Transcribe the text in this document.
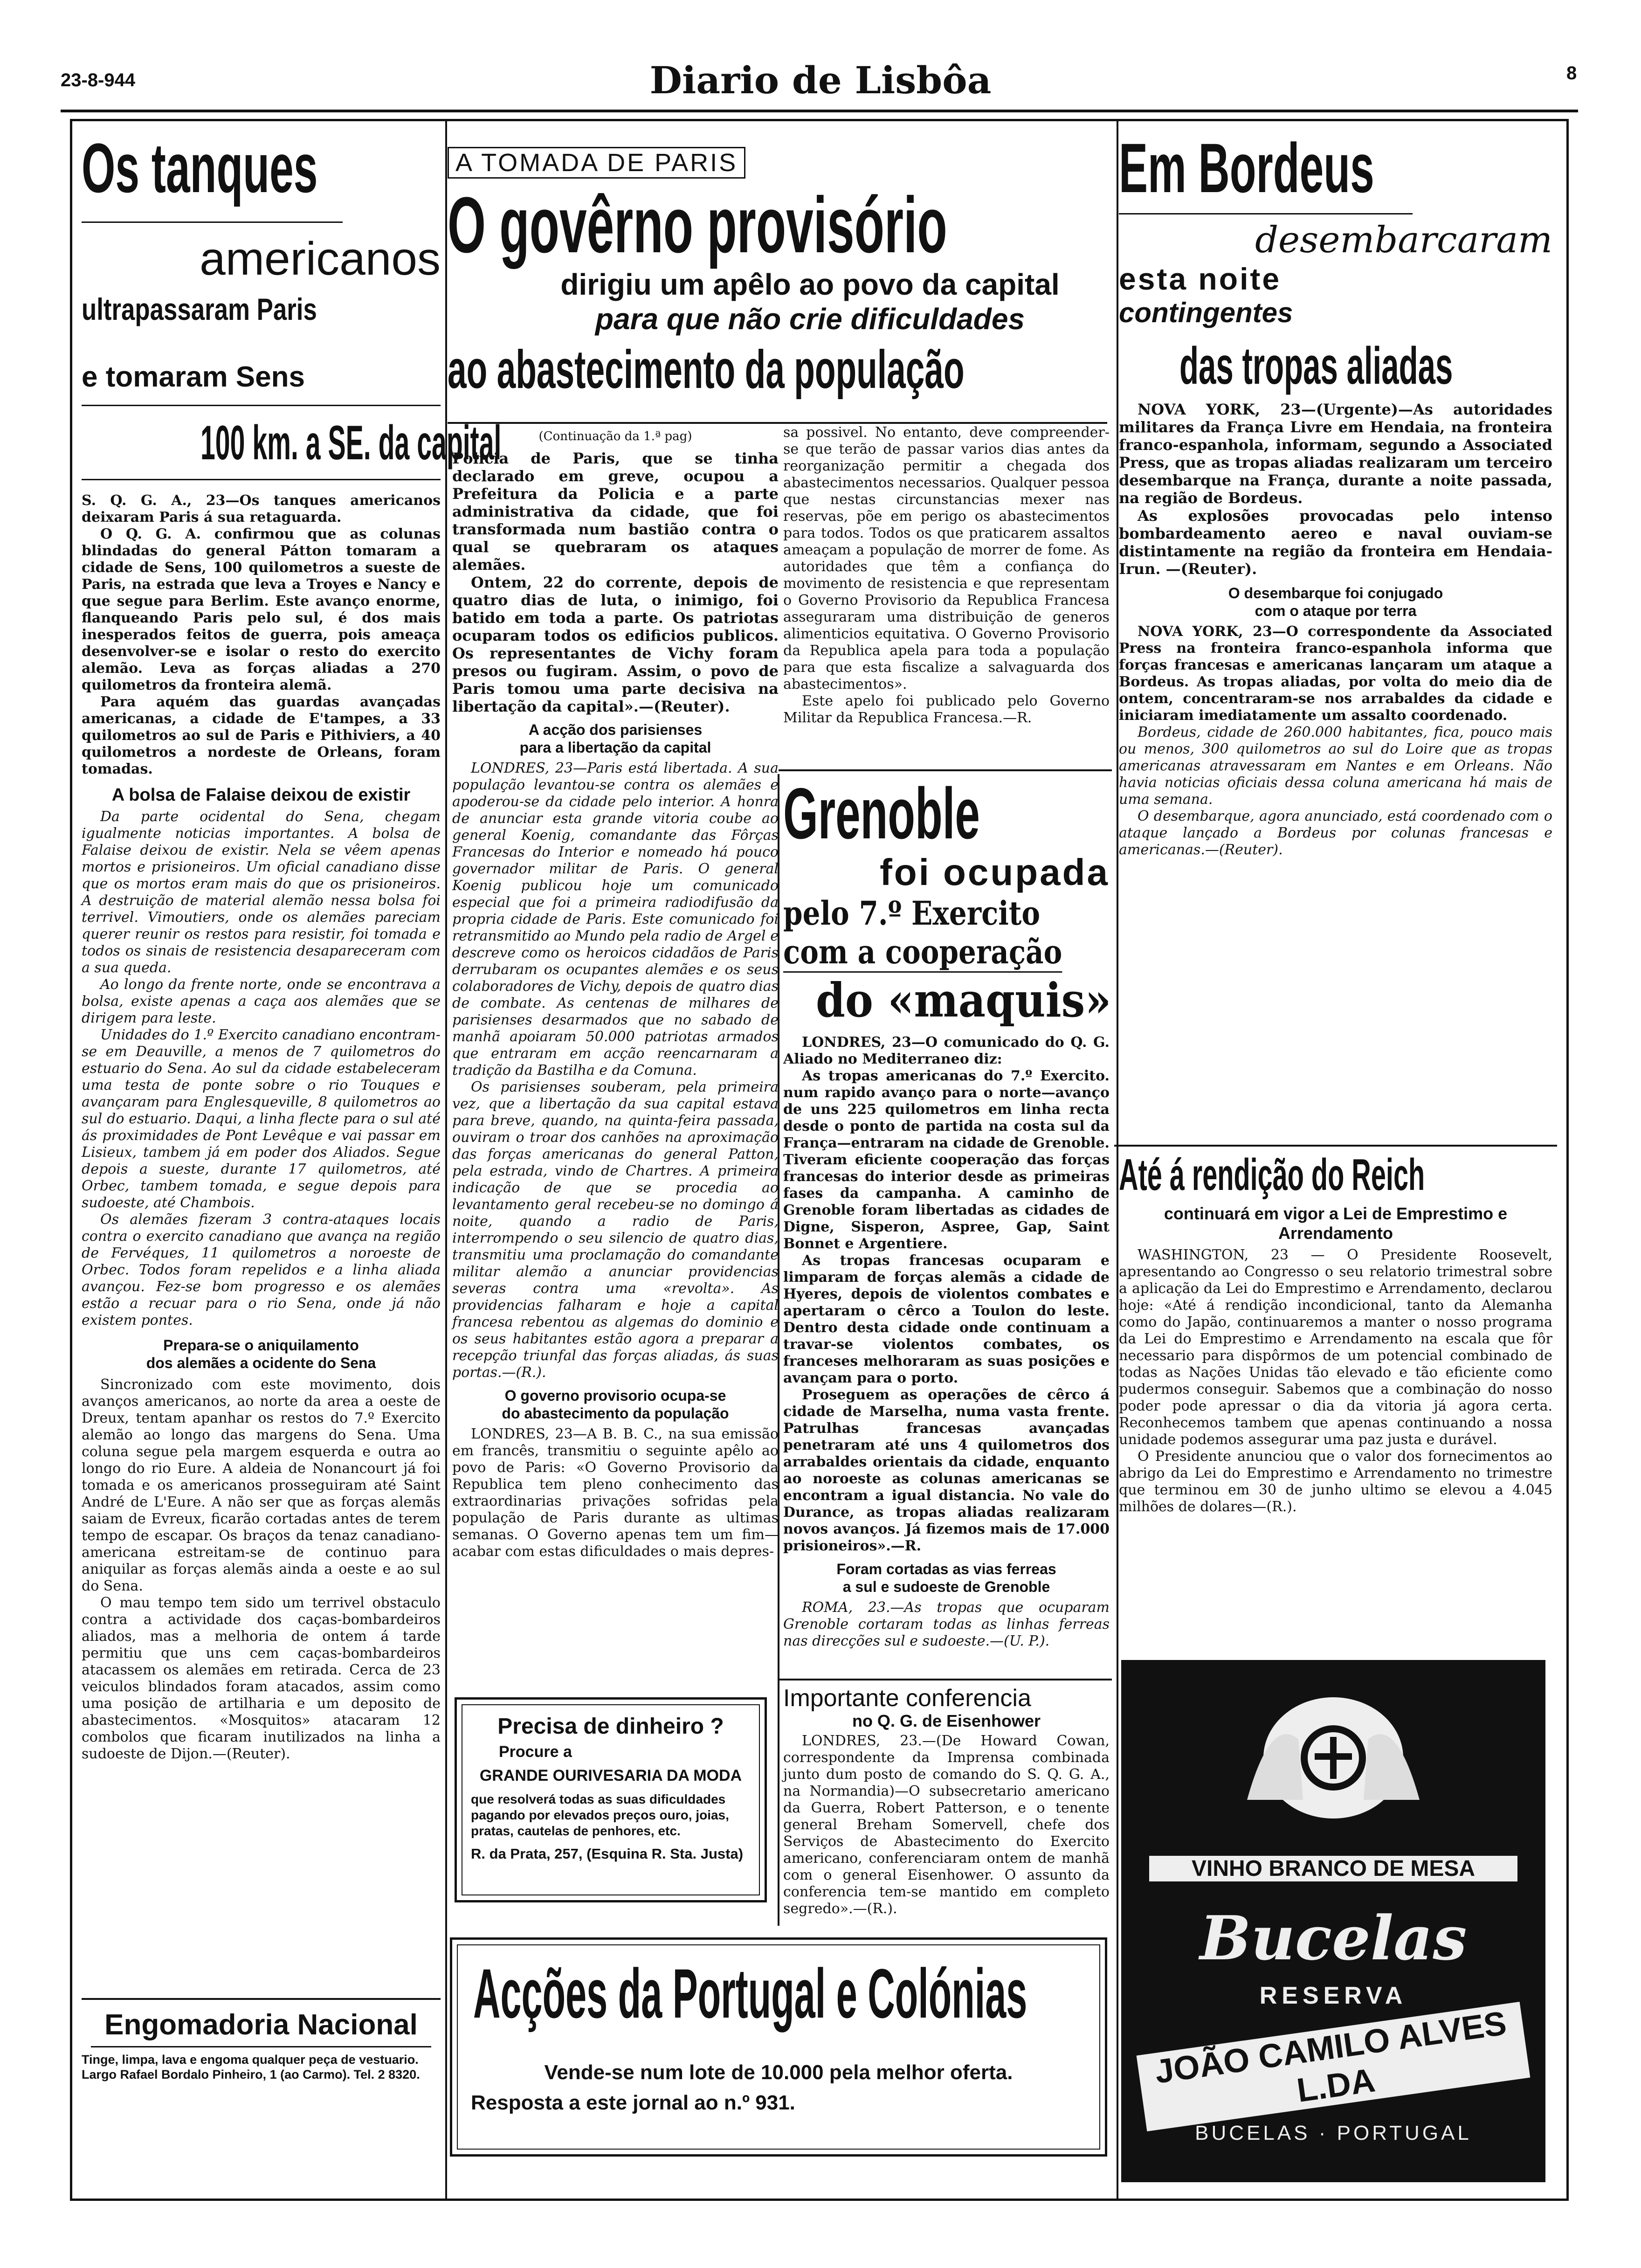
23-8-944	Diario de Lisbôa	8
Os tanques
americanos
ultrapassaram Paris
e tomaram Sens
100 km. a SE. da capital
S. Q. G. A., 23—Os tanques americanos deixaram Paris á sua retaguarda.
O Q. G. A. confirmou que as colunas blindadas do general Pátton tomaram a cidade de Sens, 100 quilometros a sueste de Paris, na estrada que leva a Troyes e Nancy e que segue para Berlim. Este avanço enorme, flanqueando Paris pelo sul, é dos mais inesperados feitos de guerra, pois ameaça desenvolver-se e isolar o resto do exercito alemão. Leva as forças aliadas a 270 quilometros da fronteira alemã.
Para aquém das guardas avançadas americanas, a cidade de E'tampes, a 33 quilometros ao sul de Paris e Pithiviers, a 40 quilometros a nordeste de Orleans, foram tomadas.
A bolsa de Falaise deixou de existir
Da parte ocidental do Sena, chegam igualmente noticias importantes. A bolsa de Falaise deixou de existir. Nela se vêem apenas mortos e prisioneiros. Um oficial canadiano disse que os mortos eram mais do que os prisioneiros. A destruição de material alemão nessa bolsa foi terrivel. Vimoutiers, onde os alemães pareciam querer reunir os restos para resistir, foi tomada e todos os sinais de resistencia desapareceram com a sua queda.
Ao longo da frente norte, onde se encontrava a bolsa, existe apenas a caça aos alemães que se dirigem para leste.
Unidades do 1.º Exercito canadiano encontram-se em Deauville, a menos de 7 quilometros do estuario do Sena. Ao sul da cidade estabeleceram uma testa de ponte sobre o rio Touques e avançaram para Englesqueville, 8 quilometros ao sul do estuario. Daqui, a linha flecte para o sul até ás proximidades de Pont Levêque e vai passar em Lisieux, tambem já em poder dos Aliados. Segue depois a sueste, durante 17 quilometros, até Orbec, tambem tomada, e segue depois para sudoeste, até Chambois.
Os alemães fizeram 3 contra-ataques locais contra o exercito canadiano que avança na região de Fervéques, 11 quilometros a noroeste de Orbec. Todos foram repelidos e a linha aliada avançou. Fez-se bom progresso e os alemães estão a recuar para o rio Sena, onde já não existem pontes.
Prepara-se o aniquilamento
dos alemães a ocidente do Sena
Sincronizado com este movimento, dois avanços americanos, ao norte da area a oeste de Dreux, tentam apanhar os restos do 7.º Exercito alemão ao longo das margens do Sena. Uma coluna segue pela margem esquerda e outra ao longo do rio Eure. A aldeia de Nonancourt já foi tomada e os americanos prosseguiram até Saint André de L'Eure. A não ser que as forças alemãs saiam de Evreux, ficarão cortadas antes de terem tempo de escapar. Os braços da tenaz canadiano-americana estreitam-se de continuo para aniquilar as forças alemãs ainda a oeste e ao sul do Sena.
O mau tempo tem sido um terrivel obstaculo contra a actividade dos caças-bombardeiros aliados, mas a melhoria de ontem á tarde permitiu que uns cem caças-bombardeiros atacassem os alemães em retirada. Cerca de 23 veiculos blindados foram atacados, assim como uma posição de artilharia e um deposito de abastecimentos. «Mosquitos» atacaram 12 combolos que ficaram inutilizados na linha a sudoeste de Dijon.—(Reuter).
Engomadoria Nacional
Tinge, limpa, lava e engoma qualquer peça de vestuario. Largo Rafael Bordalo Pinheiro, 1 (ao Carmo). Tel. 2 8320.
A TOMADA DE PARIS
O govêrno provisório
dirigiu um apêlo ao povo da capital
para que não crie dificuldades
ao abastecimento da população
(Continuação da 1.ª pag)
Policia de Paris, que se tinha declarado em greve, ocupou a Prefeitura da Policia e a parte administrativa da cidade, que foi transformada num bastião contra o qual se quebraram os ataques alemães.
Ontem, 22 do corrente, depois de quatro dias de luta, o inimigo, foi batido em toda a parte. Os patriotas ocuparam todos os edificios publicos. Os representantes de Vichy foram presos ou fugiram. Assim, o povo de Paris tomou uma parte decisiva na libertação da capital».—(Reuter).
A acção dos parisienses
para a libertação da capital
LONDRES, 23—Paris está libertada. A sua população levantou-se contra os alemães e apoderou-se da cidade pelo interior. A honra de anunciar esta grande vitoria coube ao general Koenig, comandante das Fôrças Francesas do Interior e nomeado há pouco governador militar de Paris. O general Koenig publicou hoje um comunicado especial que foi a primeira radiodifusão da propria cidade de Paris. Este comunicado foi retransmitido ao Mundo pela radio de Argel e descreve como os heroicos cidadãos de Paris derrubaram os ocupantes alemães e os seus colaboradores de Vichy, depois de quatro dias de combate. As centenas de milhares de parisienses desarmados que no sabado de manhã apoiaram 50.000 patriotas armados que entraram em acção reencarnaram a tradição da Bastilha e da Comuna.
Os parisienses souberam, pela primeira vez, que a libertação da sua capital estava para breve, quando, na quinta-feira passada, ouviram o troar dos canhões na aproximação das forças americanas do general Patton, pela estrada, vindo de Chartres. A primeira indicação de que se procedia ao levantamento geral recebeu-se no domingo á noite, quando a radio de Paris, interrompendo o seu silencio de quatro dias, transmitiu uma proclamação do comandante militar alemão a anunciar providencias severas contra uma «revolta». As providencias falharam e hoje a capital francesa rebentou as algemas do dominio e os seus habitantes estão agora a preparar a recepção triunfal das forças aliadas, ás suas portas.—(R.).
O governo provisorio ocupa-se
do abastecimento da população
LONDRES, 23—A B. B. C., na sua emissão em francês, transmitiu o seguinte apêlo ao povo de Paris: «O Governo Provisorio da Republica tem pleno conhecimento das extraordinarias privações sofridas pela população de Paris durante as ultimas semanas. O Governo apenas tem um fim—acabar com estas dificuldades o mais depres-
Precisa de dinheiro ?
Procure a
GRANDE OURIVESARIA DA MODA
que resolverá todas as suas dificuldades pagando por elevados preços ouro, joias, pratas, cautelas de penhores, etc.
R. da Prata, 257, (Esquina R. Sta. Justa)
Acções da Portugal e Colónias
Vende-se num lote de 10.000 pela melhor oferta.
Resposta a este jornal ao n.º 931.
sa possivel. No entanto, deve compreender-se que terão de passar varios dias antes da reorganização permitir a chegada dos abastecimentos necessarios. Qualquer pessoa que nestas circunstancias mexer nas reservas, põe em perigo os abastecimentos para todos. Todos os que praticarem assaltos ameaçam a população de morrer de fome. As autoridades que têm a confiança do movimento de resistencia e que representam o Governo Provisorio da Republica Francesa asseguraram uma distribuição de generos alimenticios equitativa. O Governo Provisorio da Republica apela para toda a população para que esta fiscalize a salvaguarda dos abastecimentos».
Este apelo foi publicado pelo Governo Militar da Republica Francesa.—R.
Grenoble
foi ocupada
pelo 7.º Exercito
com a cooperação
do «maquis»
LONDRES, 23—O comunicado do Q. G. Aliado no Mediterraneo diz:
As tropas americanas do 7.º Exercito. num rapido avanço para o norte—avanço de uns 225 quilometros em linha recta desde o ponto de partida na costa sul da França—entraram na cidade de Grenoble. Tiveram eficiente cooperação das forças francesas do interior desde as primeiras fases da campanha. A caminho de Grenoble foram libertadas as cidades de Digne, Sisperon, Aspree, Gap, Saint Bonnet e Argentiere.
As tropas francesas ocuparam e limparam de forças alemãs a cidade de Hyeres, depois de violentos combates e apertaram o cêrco a Toulon do leste. Dentro desta cidade onde continuam a travar-se violentos combates, os franceses melhoraram as suas posições e avançam para o porto.
Proseguem as operações de cêrco á cidade de Marselha, numa vasta frente. Patrulhas francesas avançadas penetraram até uns 4 quilometros dos arrabaldes orientais da cidade, enquanto ao noroeste as colunas americanas se encontram a igual distancia. No vale do Durance, as tropas aliadas realizaram novos avanços. Já fizemos mais de 17.000 prisioneiros».—R.
Foram cortadas as vias ferreas
a sul e sudoeste de Grenoble
ROMA, 23.—As tropas que ocuparam Grenoble cortaram todas as linhas ferreas nas direcções sul e sudoeste.—(U. P.).
Importante conferencia
no Q. G. de Eisenhower
LONDRES, 23.—(De Howard Cowan, correspondente da Imprensa combinada junto dum posto de comando do S. Q. G. A., na Normandia)—O subsecretario americano da Guerra, Robert Patterson, e o tenente general Breham Somervell, chefe dos Serviços de Abastecimento do Exercito americano, conferenciaram ontem de manhã com o general Eisenhower. O assunto da conferencia tem-se mantido em completo segredo».—(R.).
Em Bordeus
desembarcaram
esta noite
contingentes
das tropas aliadas
NOVA YORK, 23—(Urgente)—As autoridades militares da França Livre em Hendaia, na fronteira franco-espanhola, informam, segundo a Associated Press, que as tropas aliadas realizaram um terceiro desembarque na França, durante a noite passada, na região de Bordeus.
As explosões provocadas pelo intenso bombardeamento aereo e naval ouviam-se distintamente na região da fronteira em Hendaia-Irun. —(Reuter).
O desembarque foi conjugado
com o ataque por terra
NOVA YORK, 23—O correspondente da Associated Press na fronteira franco-espanhola informa que forças francesas e americanas lançaram um ataque a Bordeus. As tropas aliadas, por volta do meio dia de ontem, concentraram-se nos arrabaldes da cidade e iniciaram imediatamente um assalto coordenado.
Bordeus, cidade de 260.000 habitantes, fica, pouco mais ou menos, 300 quilometros ao sul do Loire que as tropas americanas atravessaram em Nantes e em Orleans. Não havia noticias oficiais dessa coluna americana há mais de uma semana.
O desembarque, agora anunciado, está coordenado com o ataque lançado a Bordeus por colunas francesas e americanas.—(Reuter).
Até á rendição do Reich
continuará em vigor a Lei de Emprestimo e Arrendamento
WASHINGTON, 23 — O Presidente Roosevelt, apresentando ao Congresso o seu relatorio trimestral sobre a aplicação da Lei do Emprestimo e Arrendamento, declarou hoje: «Até á rendição incondicional, tanto da Alemanha como do Japão, continuaremos a manter o nosso programa da Lei do Emprestimo e Arrendamento na escala que fôr necessario para dispôrmos de um potencial combinado de todas as Nações Unidas tão elevado e tão eficiente como pudermos conseguir. Sabemos que a combinação do nosso poder pode apressar o dia da vitoria já agora certa. Reconhecemos tambem que apenas continuando a nossa unidade podemos assegurar uma paz justa e durável.
O Presidente anunciou que o valor dos fornecimentos ao abrigo da Lei do Emprestimo e Arrendamento no trimestre que terminou em 30 de junho ultimo se elevou a 4.045 milhões de dolares—(R.).
VINHO BRANCO DE MESA
Bucelas
RESERVA
JOÃO CAMILO ALVES L.DA
BUCELAS · PORTUGAL
